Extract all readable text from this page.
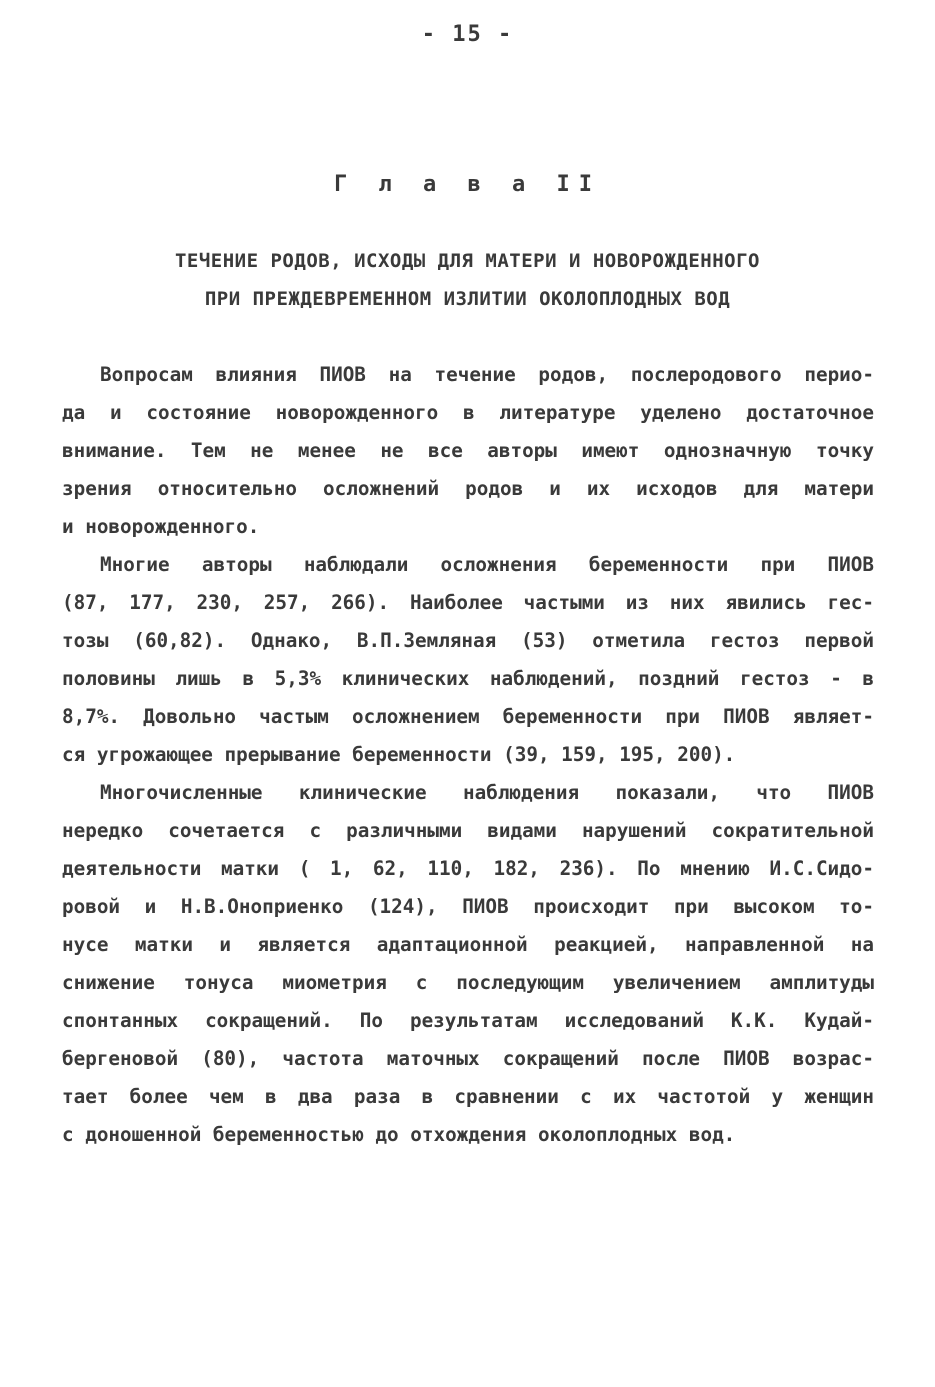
- 15 -
Г л а в а II
ТЕЧЕНИЕ РОДОВ, ИСХОДЫ ДЛЯ МАТЕРИ И НОВОРОЖДЕННОГО
ПРИ ПРЕЖДЕВРЕМЕННОМ ИЗЛИТИИ ОКОЛОПЛОДНЫХ ВОД
Вопросам влияния ПИОВ на течение родов, послеродового перио-
да и состояние новорожденного в литературе уделено достаточное
внимание. Тем не менее не все авторы имеют однозначную точку
зрения относительно осложнений родов и их исходов для матери
и новорожденного.
Многие авторы наблюдали осложнения беременности при ПИОВ
(87, 177, 230, 257, 266). Наиболее частыми из них явились гес-
тозы (60,82). Однако, В.П.Земляная (53) отметила гестоз первой
половины лишь в 5,3% клинических наблюдений, поздний гестоз - в
8,7%. Довольно частым осложнением беременности при ПИОВ являет-
ся угрожающее прерывание беременности (39, 159, 195, 200).
Многочисленные клинические наблюдения показали, что ПИОВ
нередко сочетается с различными видами нарушений сократительной
деятельности матки ( 1, 62, 110, 182, 236). По мнению И.С.Сидо-
ровой и Н.В.Оноприенко (124), ПИОВ происходит при высоком то-
нусе матки и является адаптационной реакцией, направленной на
снижение тонуса миометрия с последующим увеличением амплитуды
спонтанных сокращений. По результатам исследований К.К. Кудай-
бергеновой (80), частота маточных сокращений после ПИОВ возрас-
тает более чем в два раза в сравнении с их частотой у женщин
с доношенной беременностью до отхождения околоплодных вод.
